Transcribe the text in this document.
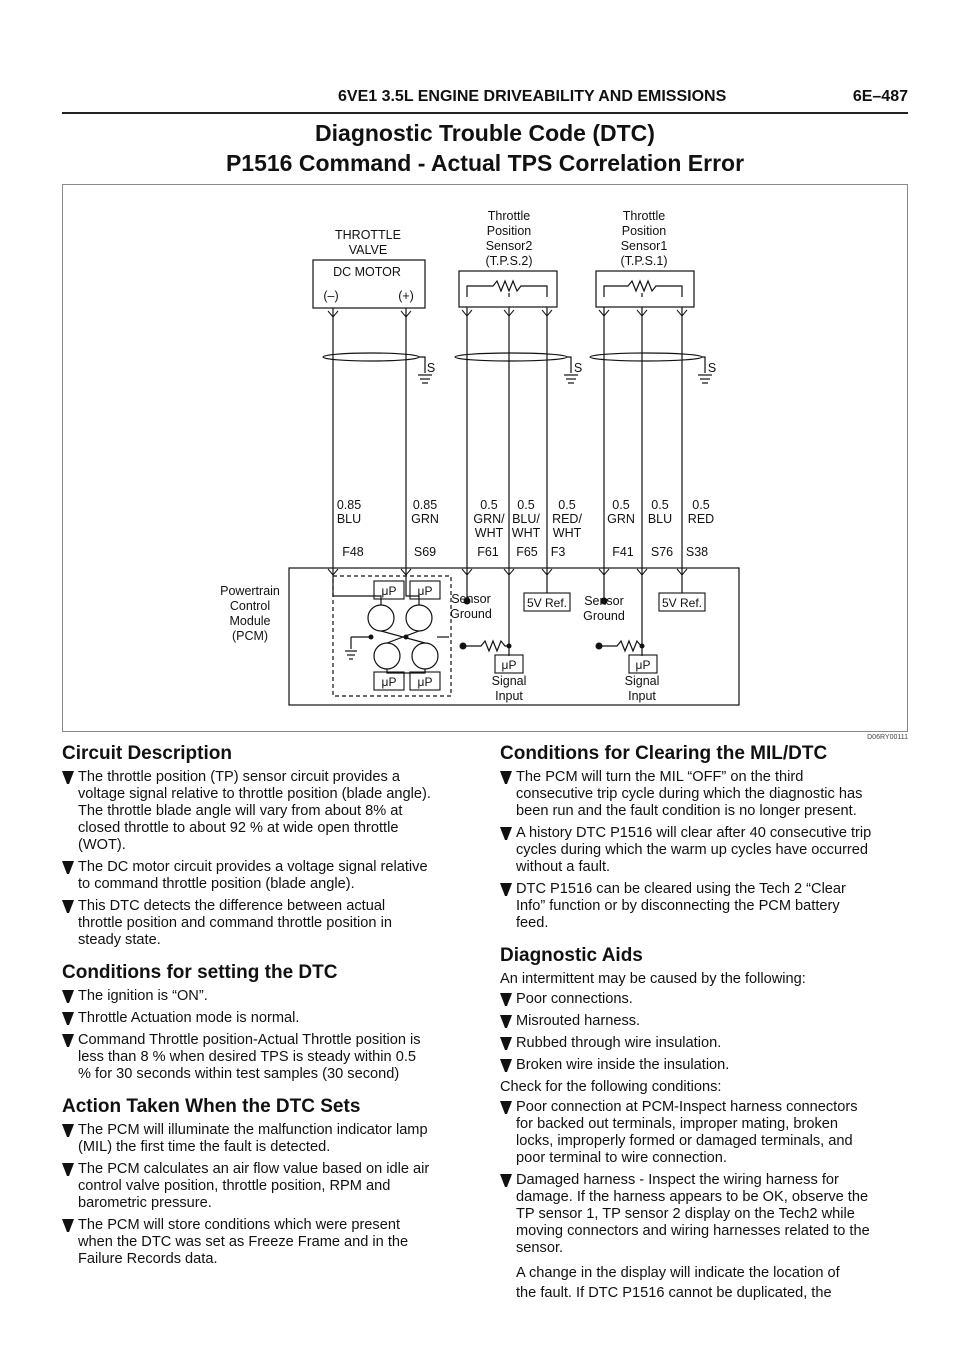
6VE1 3.5L ENGINE DRIVEABILITY AND EMISSIONS	6E–487
Diagnostic Trouble Code (DTC)
P1516 Command - Actual TPS Correlation Error
THROTTLE
VALVE
DC MOTOR
(–)	(+)
Throttle
Position
Sensor2
(T.P.S.2)
Throttle
Position
Sensor1
(T.P.S.1)
S	S	S
0.85
BLU
F48
0.85
GRN
S69
0.5
GRN/
WHT
F61
0.5
BLU/
WHT
F65
0.5
RED/
WHT
F3
0.5
GRN
F41
0.5
BLU
S76
0.5
RED
S38
Powertrain
Control
Module
(PCM)
Sensor
Ground
Sensor
Ground
Signal
Input
Signal
Input
μP μP
μP μP
μP	μP
5V Ref.	5V Ref.
D06RY00111
Circuit Description
The throttle position (TP) sensor circuit provides a
voltage signal relative to throttle position (blade angle).
The throttle blade angle will vary from about 8% at
closed throttle to about 92 % at wide open throttle
(WOT).
The DC motor circuit provides a voltage signal relative
to command throttle position (blade angle).
This DTC detects the difference between actual
throttle position and command throttle position in
steady state.
Conditions for setting the DTC
The ignition is “ON”.
Throttle Actuation mode is normal.
Command Throttle position-Actual Throttle position is
less than 8 % when desired TPS is steady within 0.5
% for 30 seconds within test samples (30 second)
Action Taken When the DTC Sets
The PCM will illuminate the malfunction indicator lamp
(MIL) the first time the fault is detected.
The PCM calculates an air flow value based on idle air
control valve position, throttle position, RPM and
barometric pressure.
The PCM will store conditions which were present
when the DTC was set as Freeze Frame and in the
Failure Records data.
Conditions for Clearing the MIL/DTC
The PCM will turn the MIL “OFF” on the third
consecutive trip cycle during which the diagnostic has
been run and the fault condition is no longer present.
A history DTC P1516 will clear after 40 consecutive trip
cycles during which the warm up cycles have occurred
without a fault.
DTC P1516 can be cleared using the Tech 2 “Clear
Info” function or by disconnecting the PCM battery
feed.
Diagnostic Aids
An intermittent may be caused by the following:
Poor connections.
Misrouted harness.
Rubbed through wire insulation.
Broken wire inside the insulation.
Check for the following conditions:
Poor connection at PCM-Inspect harness connectors
for backed out terminals, improper mating, broken
locks, improperly formed or damaged terminals, and
poor terminal to wire connection.
Damaged harness - Inspect the wiring harness for
damage. If the harness appears to be OK, observe the
TP sensor 1, TP sensor 2 display on the Tech2 while
moving connectors and wiring harnesses related to the
sensor.
A change in the display will indicate the location of
the fault. If DTC P1516 cannot be duplicated, the
